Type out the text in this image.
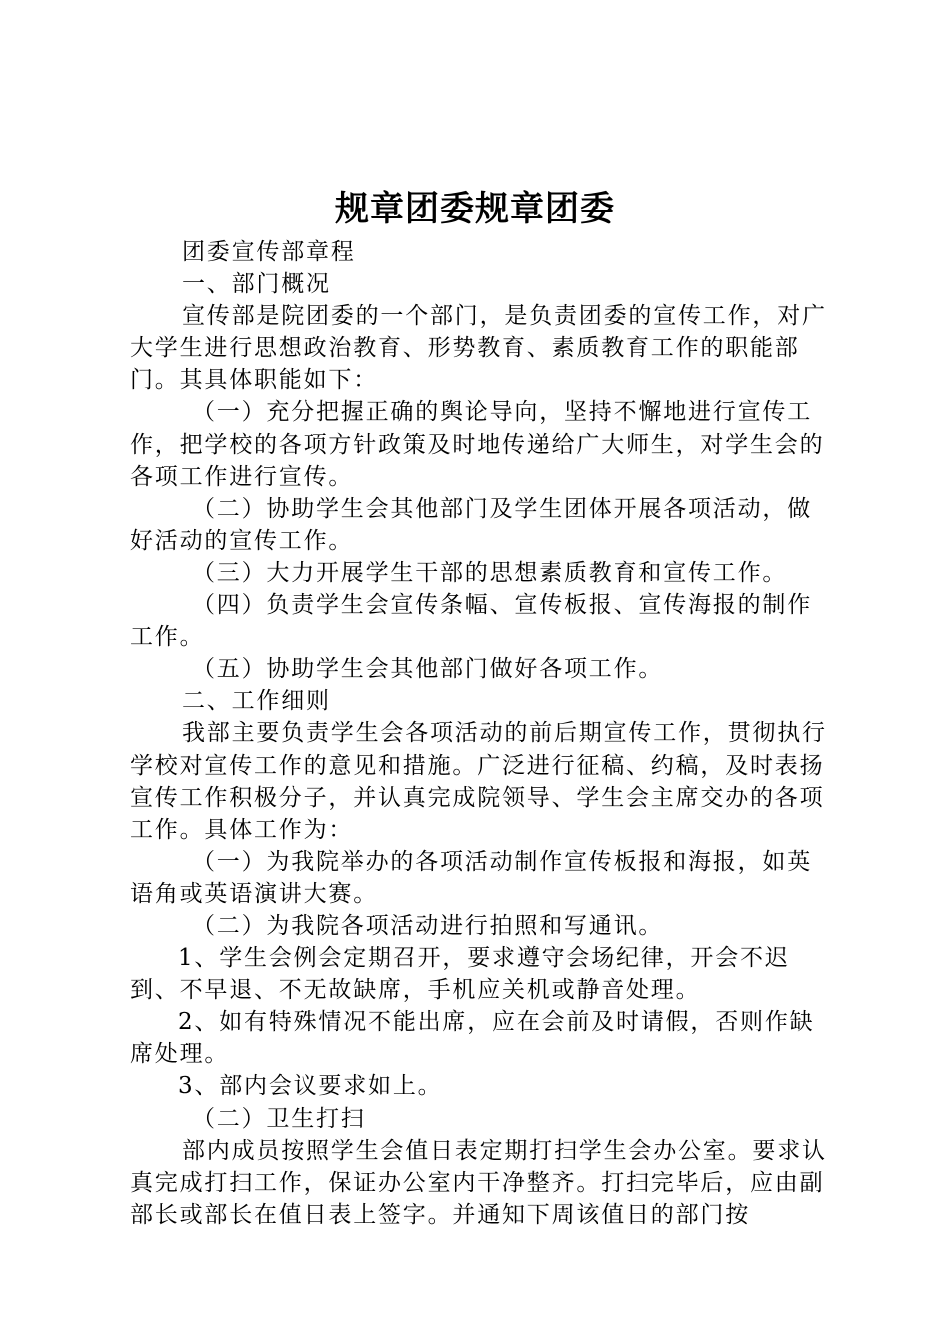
规章团委规章团委

团委宣传部章程

一、部门概况

宣传部是院团委的一个部门，是负责团委的宣传工作，对广大学生进行思想政治教育、形势教育、素质教育工作的职能部门。其具体职能如下：

（一）充分把握正确的舆论导向，坚持不懈地进行宣传工作，把学校的各项方针政策及时地传递给广大师生，对学生会的各项工作进行宣传。

（二）协助学生会其他部门及学生团体开展各项活动，做好活动的宣传工作。

（三）大力开展学生干部的思想素质教育和宣传工作。

（四）负责学生会宣传条幅、宣传板报、宣传海报的制作工作。

（五）协助学生会其他部门做好各项工作。

二、工作细则

我部主要负责学生会各项活动的前后期宣传工作，贯彻执行学校对宣传工作的意见和措施。广泛进行征稿、约稿，及时表扬宣传工作积极分子，并认真完成院领导、学生会主席交办的各项工作。具体工作为：

（一）为我院举办的各项活动制作宣传板报和海报，如英语角或英语演讲大赛。

（二）为我院各项活动进行拍照和写通讯。

1、学生会例会定期召开，要求遵守会场纪律，开会不迟到、不早退、不无故缺席，手机应关机或静音处理。

2、如有特殊情况不能出席，应在会前及时请假，否则作缺席处理。

3、部内会议要求如上。

（二）卫生打扫

部内成员按照学生会值日表定期打扫学生会办公室。要求认真完成打扫工作，保证办公室内干净整齐。打扫完毕后，应由副部长或部长在值日表上签字。并通知下周该值日的部门按
